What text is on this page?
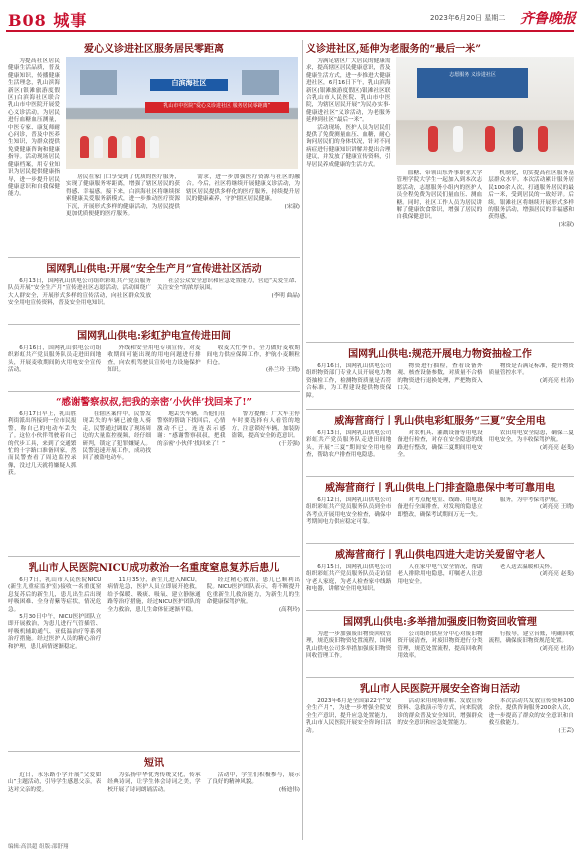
B08 城事	2023年6月20日 星期二 齐鲁晚报
爱心义诊进社区服务居民零距离

为提高社区居民健康生活品质，普及健康知识，传播健康生活理念，乳山滨海新区(银滩旅游度假区)白滨海社区联合乳山市中医院开展爱心义诊活动。为居民进行血糖血压测量，中医专家、康复师耐心问诊，普及中医养生知识，为群众提供免费健康咨询和健康指导。活动现场居民健康档案，用专业知识为居民提供健康指导，进一步提升居民健康意识和自我保健能力。

居民在家门口享受到了优质的医疗服务，实现了健康服务零距离，增强了辖区居民的获得感、幸福感。接下来，白滨海社区将继续探索健康关爱服务新模式，进一步推动医疗资源下沉，开展形式多样的健康活动，为居民提供更加优质便捷的医疗服务。

需求，进一步加强医疗资源与社区的融合。今后，社区将继续开展健康义诊活动，为辖区居民提供多样化的医疗服务，持续提升居民的健康素养，守护辖区居民健康。

(宋淑)
白滨海社区
乳山市中医院“爱心义诊进社区 服务居民零距离”
义诊进社区,延伸为老服务的“最后一米”

为满足辖区广大居民的健康需求，提高辖区居民健康意识，普及健康生活方式，进一步推进大健康进社区，6月16日下午，乳山滨海新区(银滩旅游度假区)银滩社区联合乳山市人民医院、乳山市中医院，为辖区居民开展“为民办实事·健康进社区”义诊活动，为老服务延伸到社区“最后一米”。

活动现场，医护人员为居民们提供了免费测量血压、血糖，耐心询问居民们的身体状况，针对不同病症进行健康知识讲解并提出合理建议，并发放了健康宣传资料，引导居民养成健康的生活方式。

血糖、带领山东外事职业大学管理学院大学生一起加入到本次志愿活动，志愿服务小组内的医护人员全程免费为居民们量血压、测血糖。同时，社区工作人员为居民讲解了健康饮食常识，增强了居民的自我保健意识。

机制化，切实提高社区服务基层群众水平。本次活动累计服务居民100余人次，打通服务居民的最后一米，受到居民的一致好评。后续，银滩社区将继续开展形式多样的服务活动，增强居民的幸福感和获得感。

(宋淑)
志愿服务 义诊进社区
国网乳山供电:开展“安全生产月”宣传进社区活动

6月13日，国网乳山供电公司组织彩虹共产党员服务队员开展“安全生产月”宣传进社区志愿活动，活动围绕广大人群安全，开展形式多样的宣传活动，向社区群众发放安全用电宣传资料，普及安全用电知识。

社会公众安全意识和应急处置能力，营造“关爱生命、关注安全”的浓厚氛围。

(李明 曲晶)
国网乳山供电:彩虹护电宣传进田间

6月16日，国网乳山供电公司组织彩虹共产党员服务队员走进田间地头，开展麦收期间防火用电安全宣传活动。

外线和安全用电专项宣传，对麦收期间可能出现的用电问题进行排查，向农机驾驶员宣传电力设施保护知识。

收麦大忙季节，全力做好麦收期间电力供应保障工作，护航小麦颗粒归仓。

(孙兰玲 王晓)
“感谢警察叔叔,把我的亲密‘小伙伴’找回来了!”

6月17日早上，乳山胜利街派出所接到一位市民报警，称自己的电动车丢失了。这位小伙伴驾驶着自己的代步工具，来到了交通繁忙的十字路口准备回家，然而民警查看了周边监控录像，没过几天就将嫌疑人抓获。

在辖区案件中，民警发现丢失的车辆已被他人骑走，民警通过调取了现场周边的大量监控视频，经仔细研判，锁定了犯罪嫌疑人。民警迅速开展工作，成功找回了被盗电动车。

地丢失车辆，当他们在警察的帮助下找回后，心情激动不已，连连表示感谢：“感谢警察叔叔，把我的亲密‘小伙伴’找回来了！”

警方提醒：广大车主停车时要选择有人看管的地方，注意锁好车辆，加装防盗锁，提高安全防范意识。

(于芳强)
乳山市人民医院NICU成功救治一名重度窒息复苏后患儿

6月7日，乳山市人民医院NICU(新生儿重症监护室)接收一名重度窒息复苏后的新生儿，患儿出生后出现呼吸困难、全身青紫等症状，情况危急。

5月30日中午，NICU医护团队立即开展救治，为患儿进行气管插管、呼吸机辅助通气、亚低温治疗等系列治疗措施。经过医护人员的精心治疗和护理，患儿病情逐渐稳定。

11月35分，新生儿进入NICU，病情危急，医护人员立即展开抢救，给予保暖、吸痰、吸氧、建立静脉通路等治疗措施，经过NICU医护团队的全力救治，患儿生命体征逐渐平稳。

经过精心救治，患儿已顺利出院。NICU医护团队表示，将不断提升危重新生儿救治能力，为新生儿的生命健康保驾护航。

(高利玲)
短讯

近日，永乐路小学开展“父爱如山”主题活动，引导学生感恩父亲，表达对父亲的爱。

为弘扬中华优秀传统文化，传承经典诗词，让学生体会诗词之美，学校开展了诗词朗诵活动。

活动中，学生们积极参与，展示了良好的精神风貌。

(杨迪伟)
国网乳山供电:规范开展电力物资抽检工作

6月16日，国网乳山供电公司组织物资部门专业人员开展电力物资抽检工作，检测物资质量是否符合标准，为工程建设提供物资保障。

物资进行抽检，查看设备外观、核查设备参数，对质量不合格的物资进行退换处理，严把物资入口关。

物资是否满足标准，提升物资质量管控水平。

(刘亮亮 杜涛)
威海营商行丨乳山供电彩虹服务“三夏”安全用电

6月13日，国网乳山供电公司彩虹共产党员服务队走进田间地头，开展“三夏”期间安全用电检查，帮助农户排查用电隐患。

对农机具、灌溉设备等用电设备进行检查，对存在安全隐患的线路进行整改，确保三夏期间用电安全。

农田用电安全隐患，确保三夏用电安全，为丰收保驾护航。

(刘亮亮 赵斐)
威海营商行丨乳山供电上门排查隐患保中考可靠用电

6月12日，国网乳山供电公司组织彩虹共产党员服务队员到全市各考点开展用电安全检查，确保中考期间电力供应稳定可靠。

对考点配电室、线路、用电设备进行全面排查，对发现的隐患立即整改，确保考试期间万无一失。

服务，为中考保驾护航。

(刘亮亮 王晓)
威海营商行丨乳山供电四进大走访关爱留守老人

6月15日，国网乳山供电公司组织彩虹共产党员服务队员走访留守老人家庭，为老人检查家中线路和电器，讲解安全用电知识。

人在家中电气安全情况，帮助老人排除用电隐患，叮嘱老人注意用电安全。

老人送去温暖和关怀。

(刘亮亮 赵斐)
国网乳山供电:多举措加强废旧物资回收管理

为进一步加强废旧物资回收管理，规范废旧物资处置流程，国网乳山供电公司多举措加强废旧物资回收管理工作。

公司组织供应分中心对废旧物资开展清查，对废旧物资进行分类管理，规范处置流程，提高回收利用效率。

行报导，建立台账，明确回收流程，确保废旧物资规范处置。

(刘亮亮 杜涛)
乳山市人民医院开展安全咨询日活动

2023年6月是全国第22个“安全生产月”，为进一步增强全院安全生产意识，提升应急处置能力，乳山市人民医院开展安全咨询日活动。

活动采用现场讲解、发放宣传资料、急救演示等方式，向来院就诊的群众普及安全知识，增强群众的安全意识和应急处置能力。

本次活动共发放宣传资料100余份，提供咨询服务200余人次，进一步提高了群众的安全意识和自救互救能力。

(王芸)
编辑:高洪超 组版:邵舒翔
